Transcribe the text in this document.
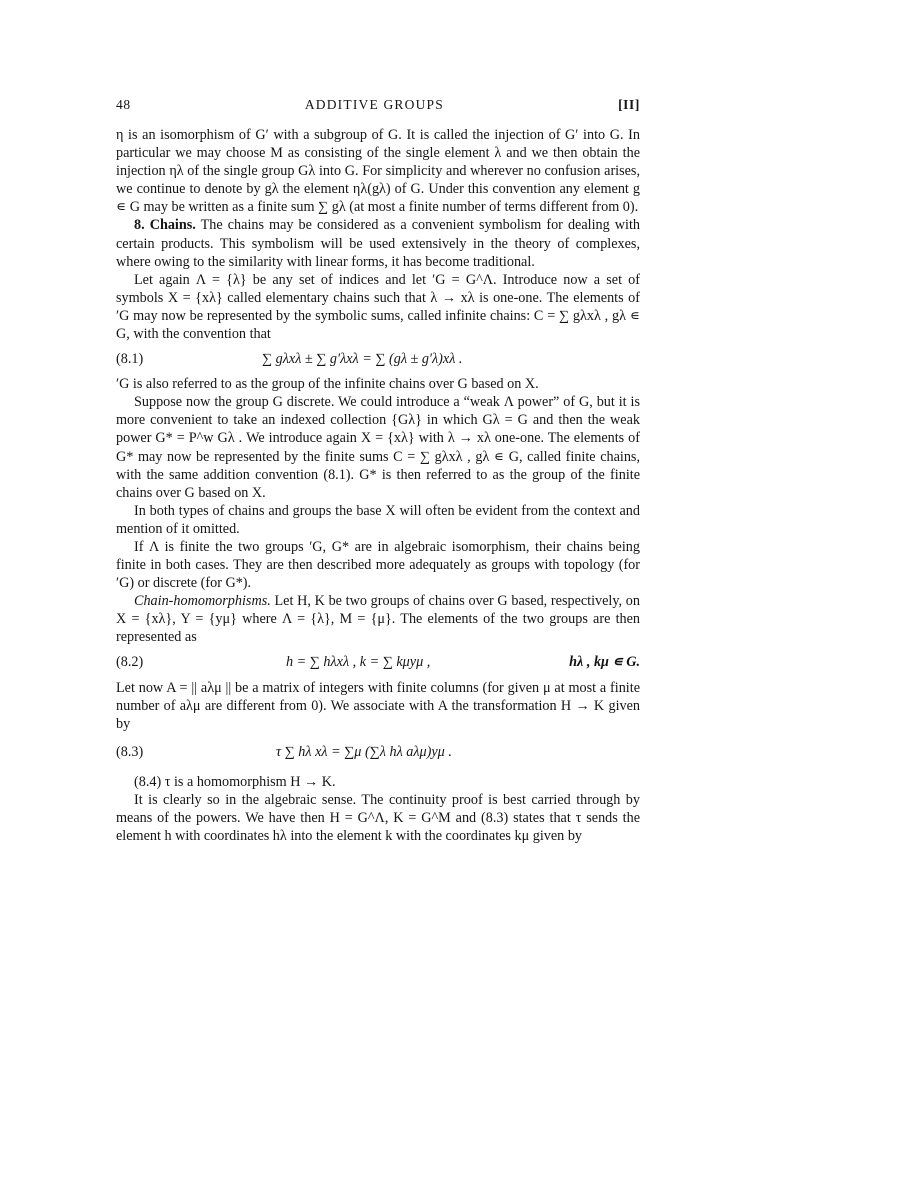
48	ADDITIVE GROUPS	[II]

η is an isomorphism of G′ with a subgroup of G. It is called the injection of G′ into G. In particular we may choose M as consisting of the single element λ and we then obtain the injection ηλ of the single group Gλ into G. For simplicity and wherever no confusion arises, we continue to denote by gλ the element ηλ(gλ) of G. Under this convention any element g ∊ G may be written as a finite sum ∑ gλ (at most a finite number of terms different from 0).

8. Chains. The chains may be considered as a convenient symbolism for dealing with certain products. This symbolism will be used extensively in the theory of complexes, where owing to the similarity with linear forms, it has become traditional.

Let again Λ = {λ} be any set of indices and let ′G = G^Λ. Introduce now a set of symbols X = {xλ} called elementary chains such that λ → xλ is one-one. The elements of ′G may now be represented by the symbolic sums, called infinite chains: C = ∑ gλxλ , gλ ∊ G, with the convention that

(8.1)	∑ gλxλ ± ∑ g′λxλ = ∑ (gλ ± g′λ)xλ .

′G is also referred to as the group of the infinite chains over G based on X.

Suppose now the group G discrete. We could introduce a “weak Λ power” of G, but it is more convenient to take an indexed collection {Gλ} in which Gλ = G and then the weak power G* = P^w Gλ . We introduce again X = {xλ} with λ → xλ one-one. The elements of G* may now be represented by the finite sums C = ∑ gλxλ , gλ ∊ G, called finite chains, with the same addition convention (8.1). G* is then referred to as the group of the finite chains over G based on X.

In both types of chains and groups the base X will often be evident from the context and mention of it omitted.

If Λ is finite the two groups ′G, G* are in algebraic isomorphism, their chains being finite in both cases. They are then described more adequately as groups with topology (for ′G) or discrete (for G*).

Chain-homomorphisms. Let H, K be two groups of chains over G based, respectively, on X = {xλ}, Y = {yμ} where Λ = {λ}, M = {μ}. The elements of the two groups are then represented as

(8.2)	h = ∑ hλxλ , k = ∑ kμyμ ,	hλ , kμ ∊ G.

Let now A = || aλμ || be a matrix of integers with finite columns (for given μ at most a finite number of aλμ are different from 0). We associate with A the transformation H → K given by

(8.3)	τ ∑ hλ xλ = ∑μ (∑λ hλ aλμ)yμ .

(8.4) τ is a homomorphism H → K.

It is clearly so in the algebraic sense. The continuity proof is best carried through by means of the powers. We have then H = G^Λ, K = G^M and (8.3) states that τ sends the element h with coordinates hλ into the element k with the coordinates kμ given by
